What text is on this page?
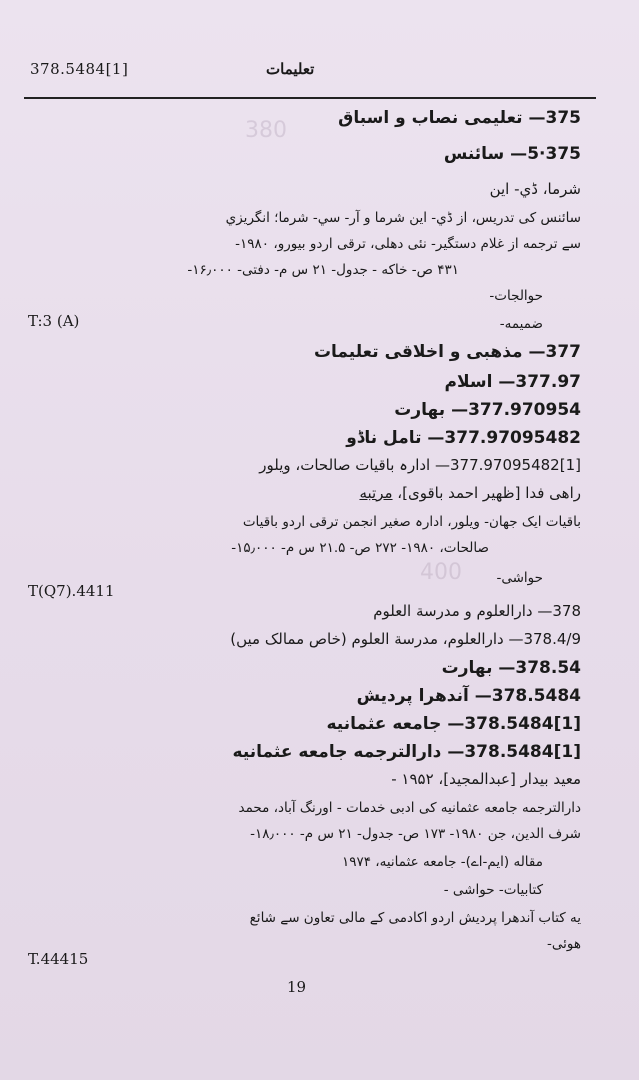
380
400
378.5484[1]	تعلیمات
375— تعلیمی نصاب و اسباق
375·5— سائنس
شرما، ڈي- این
سائنس کی تدریس، از ڈي- این شرما و آر- سي- شرما؛ انگریزي
سے ترجمه از غلام دستگیر- نئی دهلی، ترقی اردو بیورو، ۱۹۸۰-
۴۳۱ ص- خاکه - جدول- ۲۱ س م- دفتی- ۱۶٫۰۰۰-
حوالجات-
ضمیمه-
T:3 (A)
377— مذهبی و اخلاقی تعلیمات
377.97— اسلام
377.970954— بهارت
377.97095482— تامل ناڈو
[1]377.97095482— ادارہ باقیات صالحات، ویلور
راهی فدا [ظهیر احمد باقوی]، مرتبه
باقیات ایک جهان- ویلور، ادارہ صغیر انجمن ترقی اردو باقیات
صالحات، ۱۹۸۰- ۲۷۲ ص- ۲۱.۵ س م- ۱۵٫۰۰۰-
حواشی-
T(Q7).4411
378— دارالعلوم و مدرسة العلوم
378.4/9— دارالعلوم، مدرسة العلوم (خاص ممالک میں)
378.54— بهارت
378.5484— آندهرا پردیش
[1]378.5484— جامعه عثمانیه
[1]378.5484— دارالترجمه جامعه عثمانیه
معید بیدار [عبدالمجید]، ۱۹۵۲ -
دارالترجمه جامعه عثمانیه کی ادبی خدمات - اورنگ آباد، محمد
شرف الدین، جن ۱۹۸۰- ۱۷۳ ص- جدول- ۲۱ س م- ۱۸٫۰۰۰-
مقاله (ایم-اے)- جامعه عثمانیه، ۱۹۷۴
کتابیات- حواشی -
یه کتاب آندهرا پردیش اردو اکادمی کے مالی تعاون سے شائع
هوئی-
T.44415
19
